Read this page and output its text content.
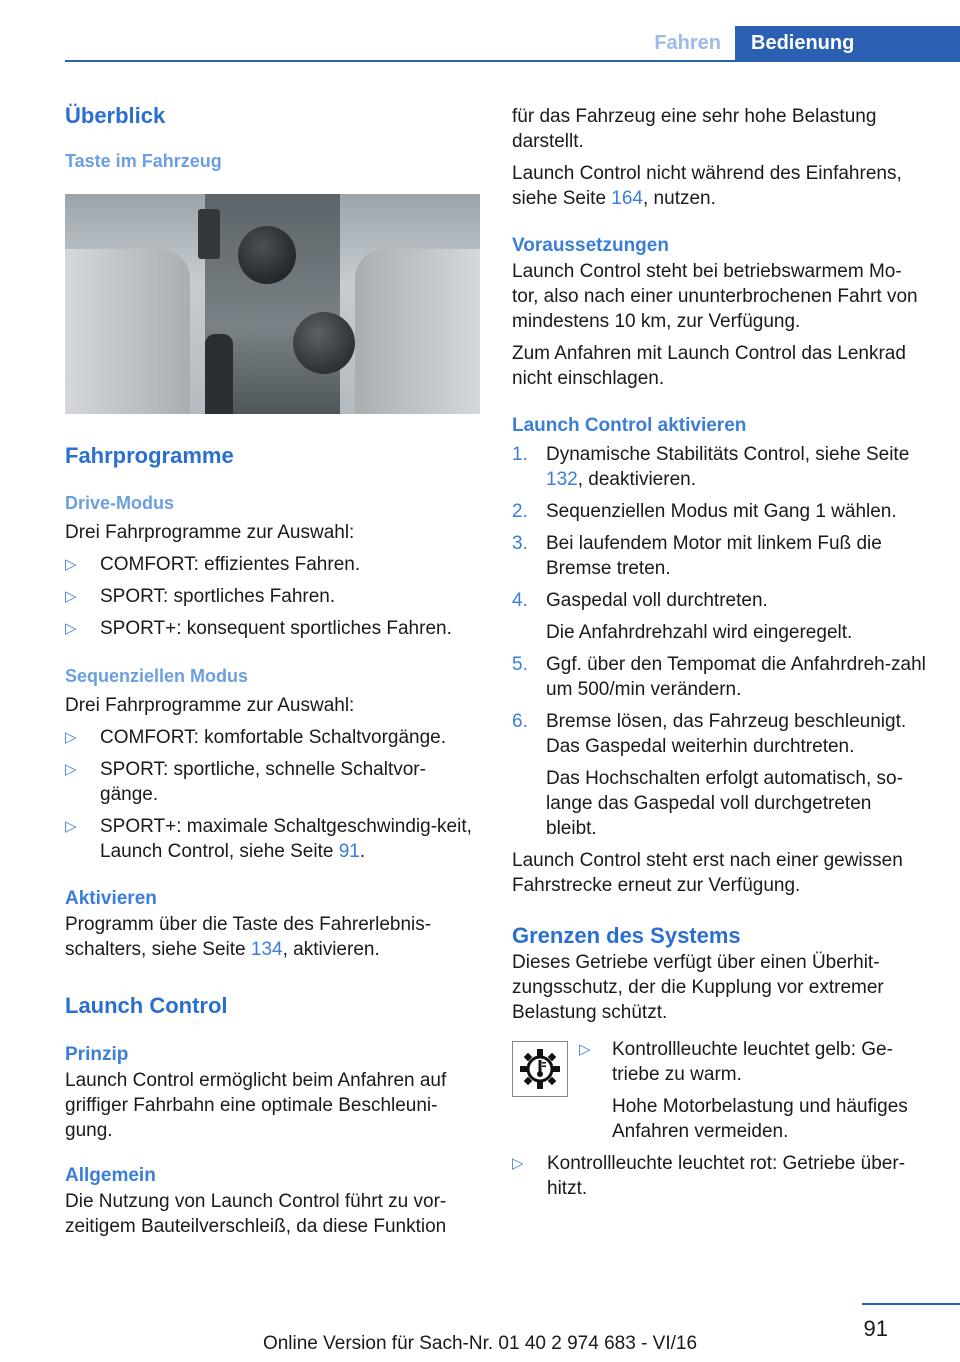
Fahren	Bedienung
Überblick
Taste im Fahrzeug
Fahrprogramme
Drive-Modus

Drei Fahrprogramme zur Auswahl:

▷ COMFORT: effizientes Fahren.
▷ SPORT: sportliches Fahren.
▷ SPORT+: konsequent sportliches Fahren.
Sequenziellen Modus

Drei Fahrprogramme zur Auswahl:

▷ COMFORT: komfortable Schaltvorgänge.
▷ SPORT: sportliche, schnelle Schaltvor-gänge.
▷ SPORT+: maximale Schaltgeschwindig-keit, Launch Control, siehe Seite 91.
Aktivieren

Programm über die Taste des Fahrerlebnis-schalters, siehe Seite 134, aktivieren.

Launch Control
Prinzip

Launch Control ermöglicht beim Anfahren auf griffiger Fahrbahn eine optimale Beschleuni-gung.

Allgemein

Die Nutzung von Launch Control führt zu vor-zeitigem Bauteilverschleiß, da diese Funktion

für das Fahrzeug eine sehr hohe Belastung darstellt.

Launch Control nicht während des Einfahrens, siehe Seite 164, nutzen.

Voraussetzungen

Launch Control steht bei betriebswarmem Mo-tor, also nach einer ununterbrochenen Fahrt von mindestens 10 km, zur Verfügung.

Zum Anfahren mit Launch Control das Lenkrad nicht einschlagen.

Launch Control aktivieren
1. Dynamische Stabilitäts Control, siehe Seite 132, deaktivieren.
2. Sequenziellen Modus mit Gang 1 wählen.
3. Bei laufendem Motor mit linkem Fuß die Bremse treten.
4. Gaspedal voll durchtreten.
Die Anfahrdrehzahl wird eingeregelt.
5. Ggf. über den Tempomat die Anfahrdreh-zahl um 500/min verändern.
6. Bremse lösen, das Fahrzeug beschleunigt. Das Gaspedal weiterhin durchtreten.
Das Hochschalten erfolgt automatisch, so-lange das Gaspedal voll durchgetreten bleibt.

Launch Control steht erst nach einer gewissen Fahrstrecke erneut zur Verfügung.

Grenzen des Systems

Dieses Getriebe verfügt über einen Überhit-zungsschutz, der die Kupplung vor extremer Belastung schützt.

▷ Kontrollleuchte leuchtet gelb: Ge-triebe zu warm.
Hohe Motorbelastung und häufiges Anfahren vermeiden.
▷ Kontrollleuchte leuchtet rot: Getriebe über-hitzt.
91
Online Version für Sach-Nr. 01 40 2 974 683 - VI/16
